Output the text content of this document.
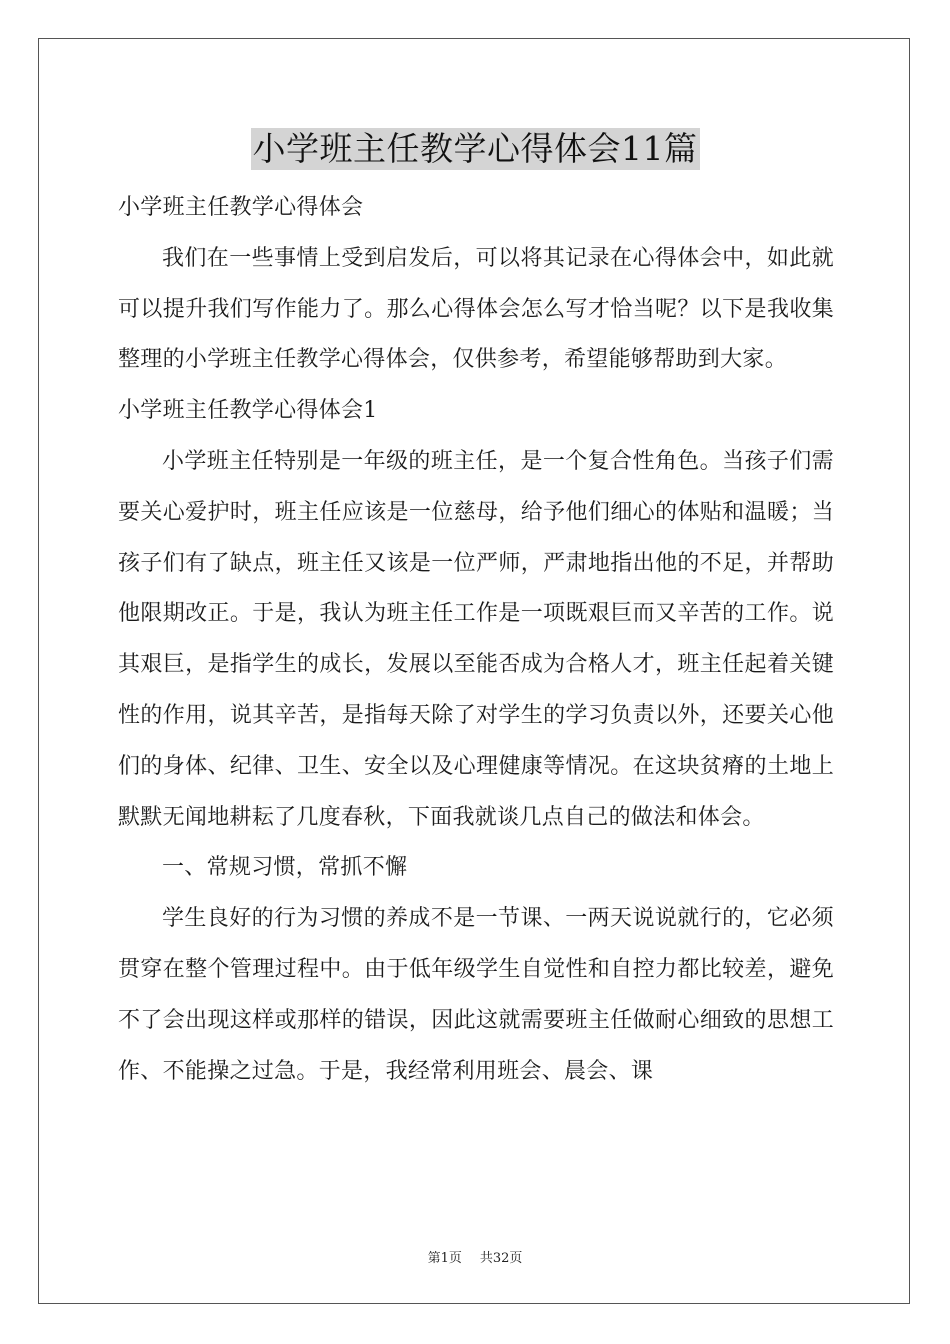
小学班主任教学心得体会11篇

小学班主任教学心得体会

我们在一些事情上受到启发后，可以将其记录在心得体会中，如此就可以提升我们写作能力了。那么心得体会怎么写才恰当呢？以下是我收集整理的小学班主任教学心得体会，仅供参考，希望能够帮助到大家。

小学班主任教学心得体会1

小学班主任特别是一年级的班主任，是一个复合性角色。当孩子们需要关心爱护时，班主任应该是一位慈母，给予他们细心的体贴和温暖；当孩子们有了缺点，班主任又该是一位严师，严肃地指出他的不足，并帮助他限期改正。于是，我认为班主任工作是一项既艰巨而又辛苦的工作。说其艰巨，是指学生的成长，发展以至能否成为合格人才，班主任起着关键性的作用，说其辛苦，是指每天除了对学生的学习负责以外，还要关心他们的身体、纪律、卫生、安全以及心理健康等情况。在这块贫瘠的土地上默默无闻地耕耘了几度春秋，下面我就谈几点自己的做法和体会。

一、常规习惯，常抓不懈

学生良好的行为习惯的养成不是一节课、一两天说说就行的，它必须贯穿在整个管理过程中。由于低年级学生自觉性和自控力都比较差，避免不了会出现这样或那样的错误，因此这就需要班主任做耐心细致的思想工作、不能操之过急。于是，我经常利用班会、晨会、课

第1页 共32页
